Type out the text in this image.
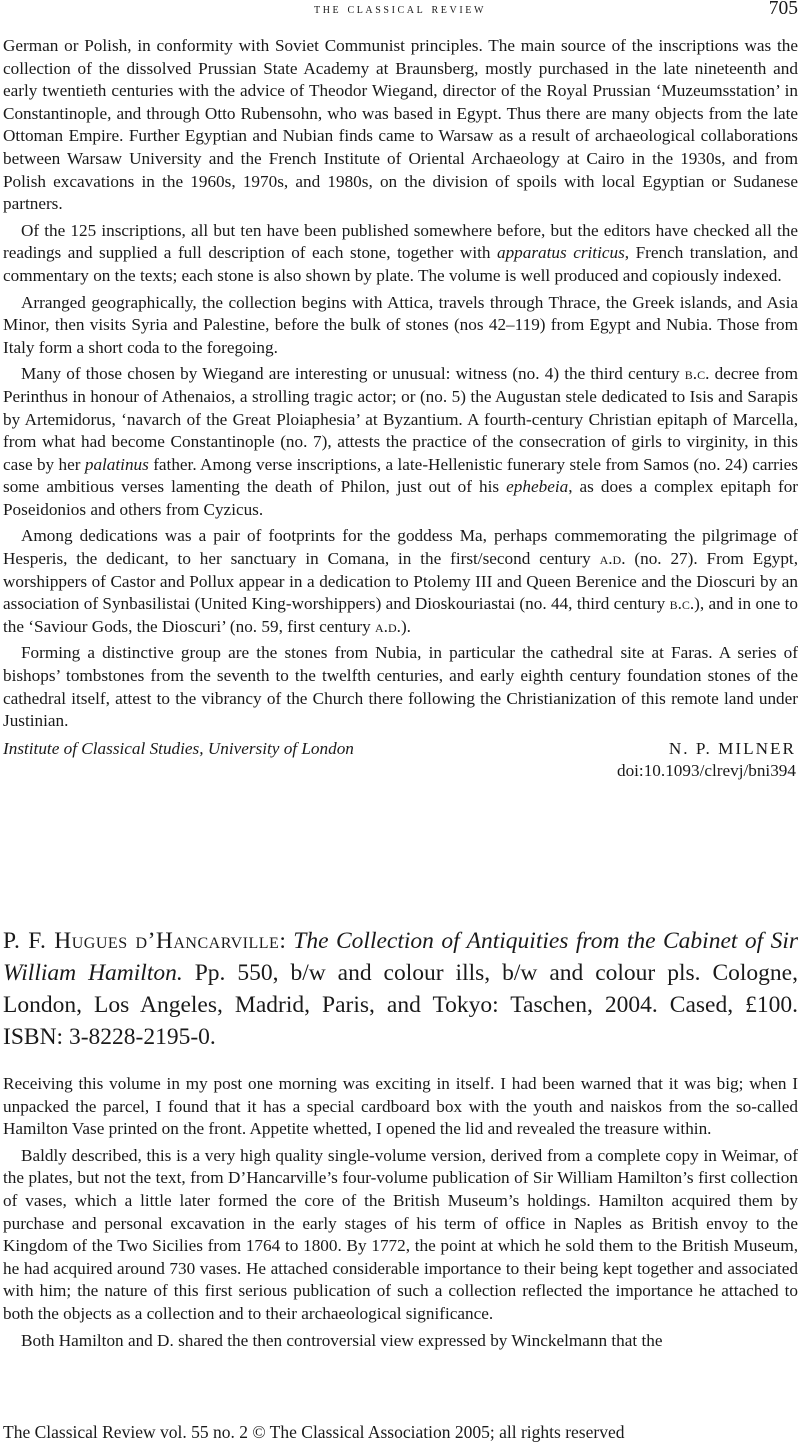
the classical review	705

German or Polish, in conformity with Soviet Communist principles. The main source of the inscriptions was the collection of the dissolved Prussian State Academy at Braunsberg, mostly purchased in the late nineteenth and early twentieth centuries with the advice of Theodor Wiegand, director of the Royal Prussian ‘Muzeumsstation’ in Constantinople, and through Otto Rubensohn, who was based in Egypt. Thus there are many objects from the late Ottoman Empire. Further Egyptian and Nubian finds came to Warsaw as a result of archaeological collaborations between Warsaw University and the French Institute of Oriental Archaeology at Cairo in the 1930s, and from Polish excavations in the 1960s, 1970s, and 1980s, on the division of spoils with local Egyptian or Sudanese partners.

Of the 125 inscriptions, all but ten have been published somewhere before, but the editors have checked all the readings and supplied a full description of each stone, together with apparatus criticus, French translation, and commentary on the texts; each stone is also shown by plate. The volume is well produced and copiously indexed.

Arranged geographically, the collection begins with Attica, travels through Thrace, the Greek islands, and Asia Minor, then visits Syria and Palestine, before the bulk of stones (nos 42–119) from Egypt and Nubia. Those from Italy form a short coda to the foregoing.

Many of those chosen by Wiegand are interesting or unusual: witness (no. 4) the third century b.c. decree from Perinthus in honour of Athenaios, a strolling tragic actor; or (no. 5) the Augustan stele dedicated to Isis and Sarapis by Artemidorus, ‘navarch of the Great Ploiaphesia’ at Byzantium. A fourth-century Christian epitaph of Marcella, from what had become Constantinople (no. 7), attests the practice of the consecration of girls to virginity, in this case by her palatinus father. Among verse inscriptions, a late-Hellenistic funerary stele from Samos (no. 24) carries some ambitious verses lamenting the death of Philon, just out of his ephebeia, as does a complex epitaph for Poseidonios and others from Cyzicus.

Among dedications was a pair of footprints for the goddess Ma, perhaps commemorating the pilgrimage of Hesperis, the dedicant, to her sanctuary in Comana, in the first/second century a.d. (no. 27). From Egypt, worshippers of Castor and Pollux appear in a dedication to Ptolemy III and Queen Berenice and the Dioscuri by an association of Synbasilistai (United King-worshippers) and Dioskouriastai (no. 44, third century b.c.), and in one to the ‘Saviour Gods, the Dioscuri’ (no. 59, first century a.d.).

Forming a distinctive group are the stones from Nubia, in particular the cathedral site at Faras. A series of bishops’ tombstones from the seventh to the twelfth centuries, and early eighth century foundation stones of the cathedral itself, attest to the vibrancy of the Church there following the Christianization of this remote land under Justinian.

Institute of Classical Studies, University of London	N. P. MILNER
doi:10.1093/clrevj/bni394
P. F. Hugues d’Hancarville: The Collection of Antiquities from the Cabinet of Sir William Hamilton. Pp. 550, b/w and colour ills, b/w and colour pls. Cologne, London, Los Angeles, Madrid, Paris, and Tokyo: Taschen, 2004. Cased, £100. ISBN: 3-8228-2195-0.

Receiving this volume in my post one morning was exciting in itself. I had been warned that it was big; when I unpacked the parcel, I found that it has a special cardboard box with the youth and naiskos from the so-called Hamilton Vase printed on the front. Appetite whetted, I opened the lid and revealed the treasure within.

Baldly described, this is a very high quality single-volume version, derived from a complete copy in Weimar, of the plates, but not the text, from D’Hancarville’s four-volume publication of Sir William Hamilton’s first collection of vases, which a little later formed the core of the British Museum’s holdings. Hamilton acquired them by purchase and personal excavation in the early stages of his term of office in Naples as British envoy to the Kingdom of the Two Sicilies from 1764 to 1800. By 1772, the point at which he sold them to the British Museum, he had acquired around 730 vases. He attached considerable importance to their being kept together and associated with him; the nature of this first serious publication of such a collection reflected the importance he attached to both the objects as a collection and to their archaeological significance.

Both Hamilton and D. shared the then controversial view expressed by Winckelmann that the

The Classical Review vol. 55 no. 2 © The Classical Association 2005; all rights reserved
